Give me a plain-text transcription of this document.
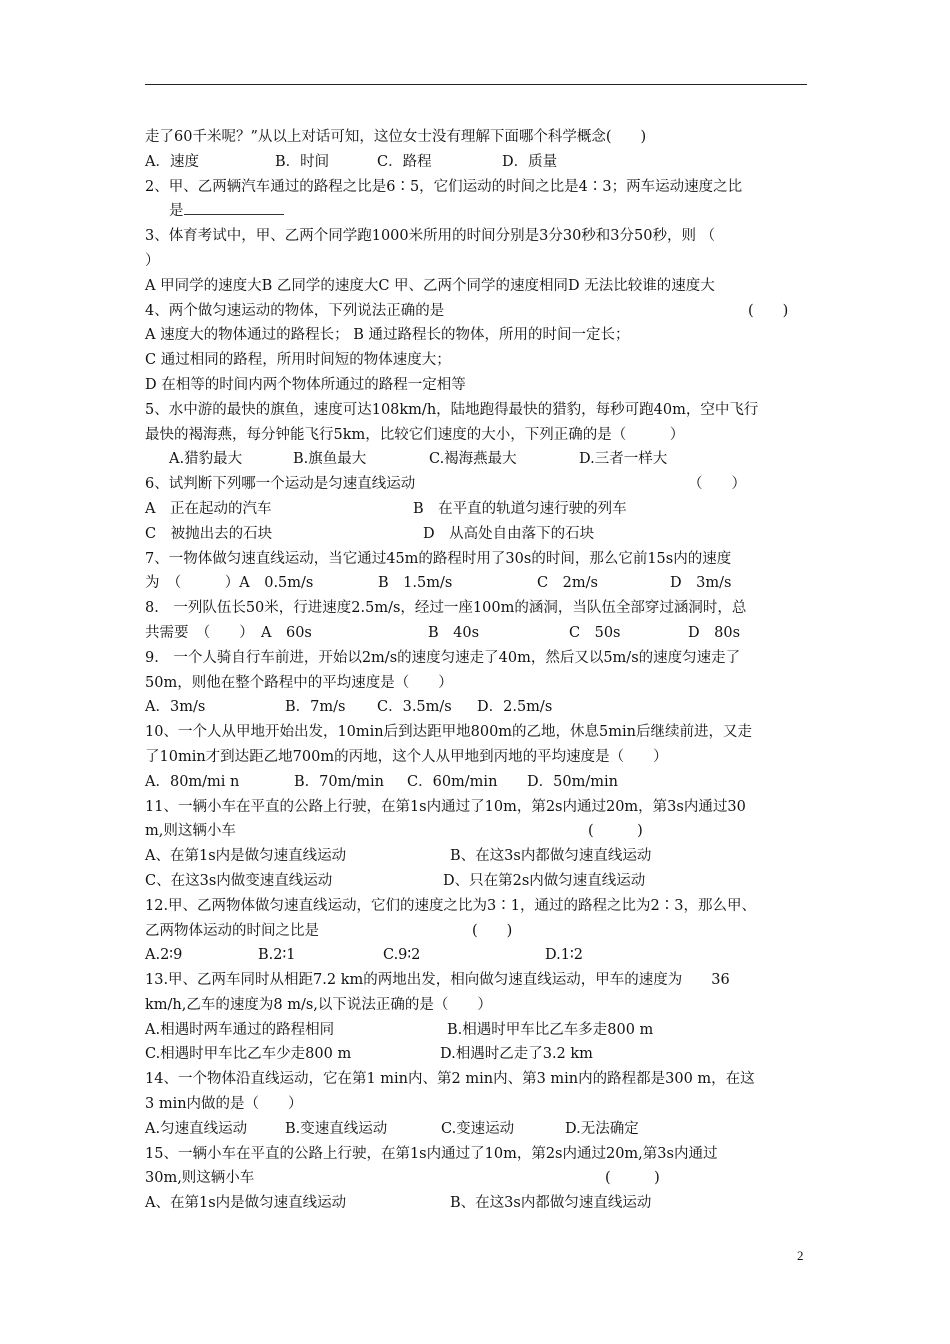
走了60千米呢？”从以上对话可知，这位女士没有理解下面哪个科学概念(　　)
A．速度	B．时间	C．路程	D．质量
2、甲、乙两辆汽车通过的路程之比是6∶5，它们运动的时间之比是4∶3；两车运动速度之比
是
3、体育考试中，甲、乙两个同学跑1000米所用的时间分别是3分30秒和3分50秒，则 （
）
A 甲同学的速度大B 乙同学的速度大C 甲、乙两个同学的速度相同D 无法比较谁的速度大
4、两个做匀速运动的物体，下列说法正确的是	(　　)
A 速度大的物体通过的路程长； B 通过路程长的物体，所用的时间一定长；
C 通过相同的路程，所用时间短的物体速度大；
D 在相等的时间内两个物体所通过的路程一定相等
5、水中游的最快的旗鱼，速度可达108km/h，陆地跑得最快的猎豹，每秒可跑40m，空中飞行
最快的褐海燕，每分钟能飞行5km，比较它们速度的大小，下列正确的是（　　　）
A.猎豹最大	B.旗鱼最大	C.褐海燕最大	D.三者一样大
6、试判断下列哪一个运动是匀速直线运动	（　　）
A　正在起动的汽车	B　在平直的轨道匀速行驶的列车
C　被抛出去的石块	D　从高处自由落下的石块
7、一物体做匀速直线运动，当它通过45m的路程时用了30s的时间，那么它前15s内的速度
为　（　　　）A　0.5m/s	B　1.5m/s	C　2m/s	D　3m/s
8.　一列队伍长50米，行进速度2.5m/s，经过一座100m的涵洞，当队伍全部穿过涵洞时，总
共需要　（　　）　A　60s	B　40s	C　50s	D　80s
9.　一个人骑自行车前进，开始以2m/s的速度匀速走了40m，然后又以5m/s的速度匀速走了
50m，则他在整个路程中的平均速度是（　　）
A．3m/s	B．7m/s C．3.5m/s D．2.5m/s
10、一个人从甲地开始出发，10min后到达距甲地800m的乙地，休息5min后继续前进，又走
了10min才到达距乙地700m的丙地，这个人从甲地到丙地的平均速度是（　　）
A．80m/mi n	B．70m/min C．60m/min D．50m/min
11、一辆小车在平直的公路上行驶，在第1s内通过了10m，第2s内通过20m，第3s内通过30
m,则这辆小车	(　　　)
A、在第1s内是做匀速直线运动	B、在这3s内都做匀速直线运动
C、在这3s内做变速直线运动	D、只在第2s内做匀速直线运动
12.甲、乙两物体做匀速直线运动，它们的速度之比为3∶1，通过的路程之比为2∶3，那么甲、
乙两物体运动的时间之比是	(　　)
A.2∶9	B.2∶1	C.9∶2	D.1∶2
13.甲、乙两车同时从相距7.2 km的两地出发，相向做匀速直线运动，甲车的速度为　　36
km/h,乙车的速度为8 m/s,以下说法正确的是（　　）
A.相遇时两车通过的路程相同	B.相遇时甲车比乙车多走800 m
C.相遇时甲车比乙车少走800 m	D.相遇时乙走了3.2 km
14、一个物体沿直线运动，它在第1 min内、第2 min内、第3 min内的路程都是300 m，在这
3 min内做的是（　　）
A.匀速直线运动	B.变速直线运动	C.变速运动	D.无法确定
15、一辆小车在平直的公路上行驶，在第1s内通过了10m，第2s内通过20m,第3s内通过
30m,则这辆小车	(　　　)
A、在第1s内是做匀速直线运动	B、在这3s内都做匀速直线运动
2
